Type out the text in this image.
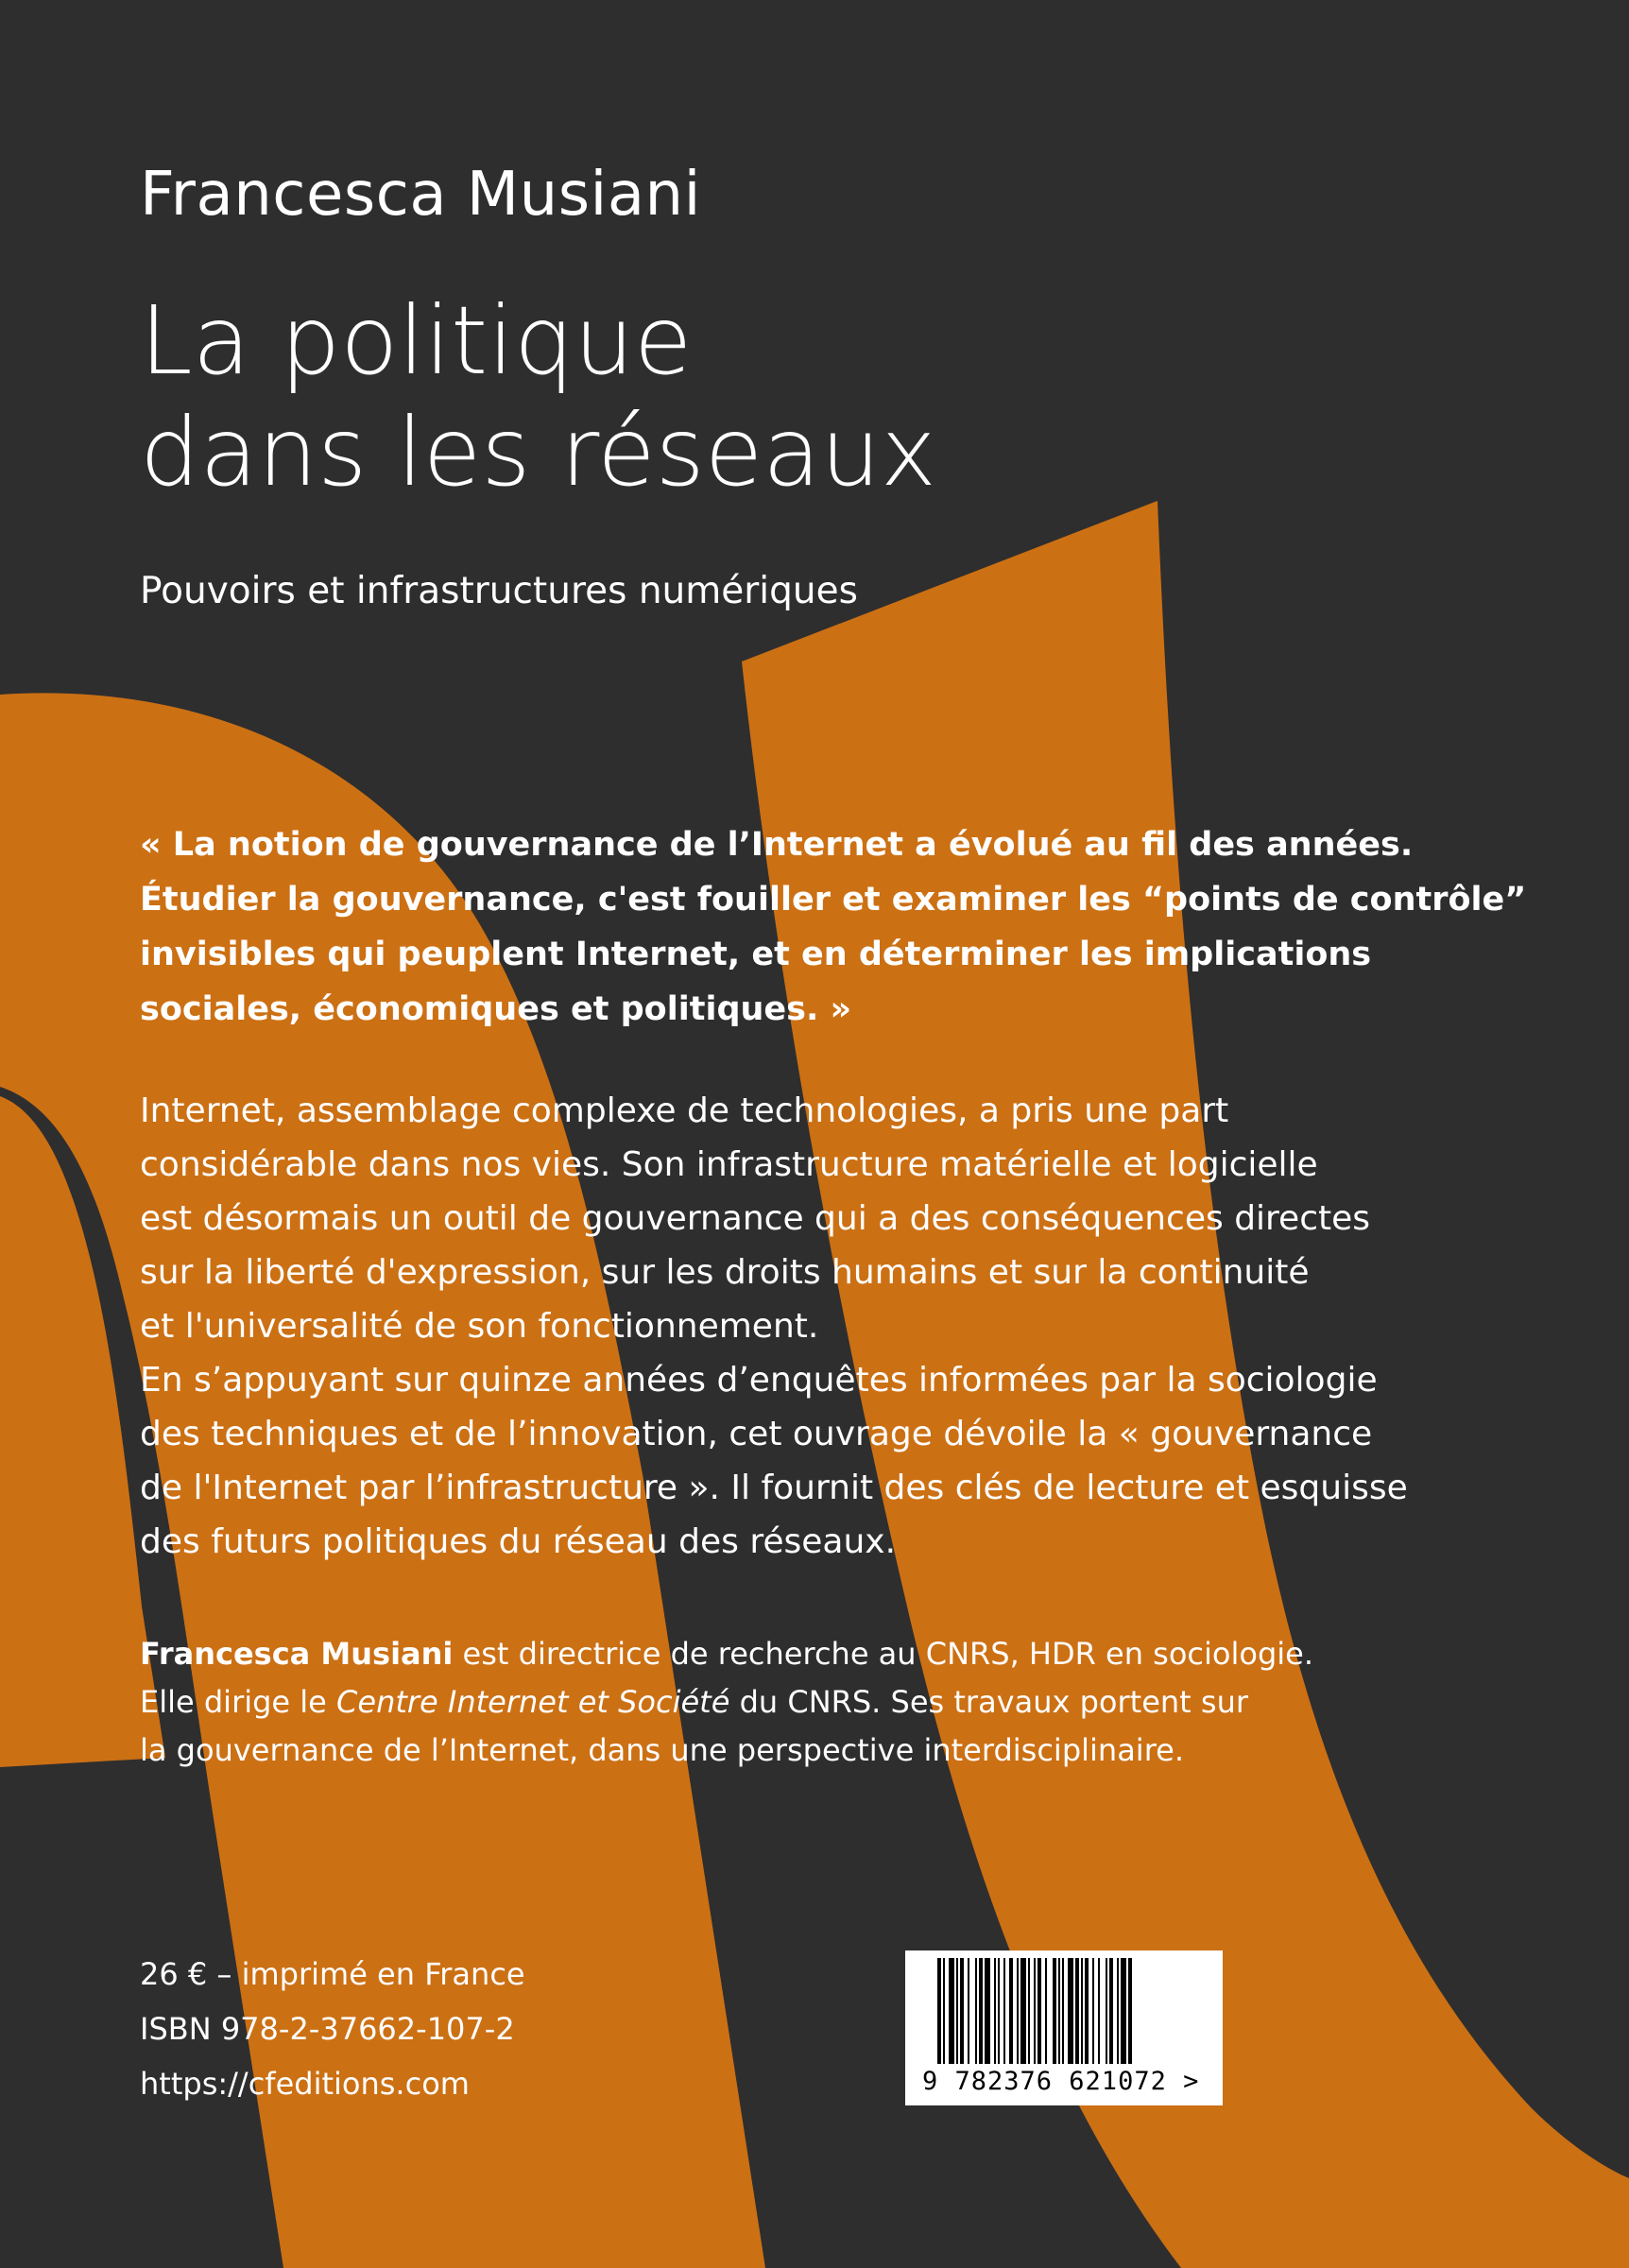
Francesca Musiani
La politique
dans les réseaux
Pouvoirs et infrastructures numériques
« La notion de gouvernance de l’Internet a évolué au fil des années.
Étudier la gouvernance, c'est fouiller et examiner les “points de contrôle”
invisibles qui peuplent Internet, et en déterminer les implications
sociales, économiques et politiques. »
Internet, assemblage complexe de technologies, a pris une part
considérable dans nos vies. Son infrastructure matérielle et logicielle
est désormais un outil de gouvernance qui a des conséquences directes
sur la liberté d'expression, sur les droits humains et sur la continuité
et l'universalité de son fonctionnement.
En s’appuyant sur quinze années d’enquêtes informées par la sociologie
des techniques et de l’innovation, cet ouvrage dévoile la « gouvernance
de l'Internet par l’infrastructure ». Il fournit des clés de lecture et esquisse
des futurs politiques du réseau des réseaux.
Francesca Musiani est directrice de recherche au CNRS, HDR en sociologie.
Elle dirige le Centre Internet et Société du CNRS. Ses travaux portent sur
la gouvernance de l’Internet, dans une perspective interdisciplinaire.
26 € – imprimé en France
ISBN 978-2-37662-107-2
https://cfeditions.com	9 782376 621072 >
